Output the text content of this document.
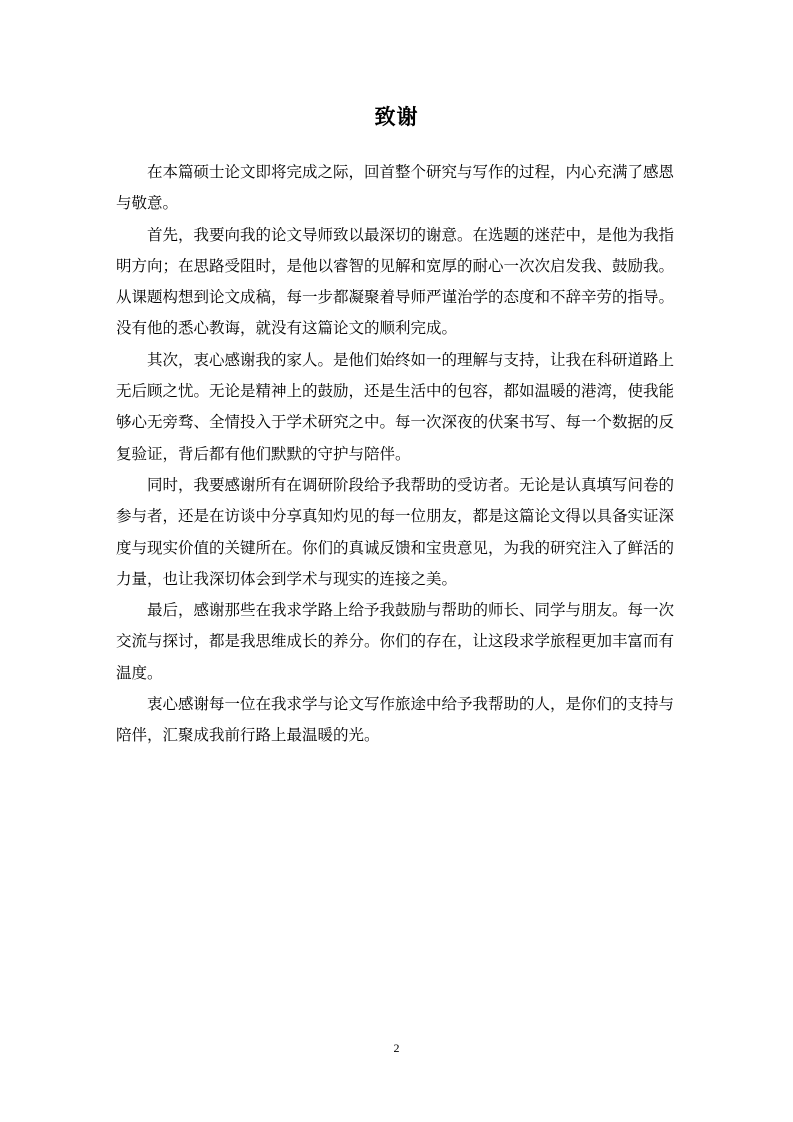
致谢

在本篇硕士论文即将完成之际，回首整个研究与写作的过程，内心充满了感恩与敬意。

首先，我要向我的论文导师致以最深切的谢意。在选题的迷茫中，是他为我指明方向；在思路受阻时，是他以睿智的见解和宽厚的耐心一次次启发我、鼓励我。从课题构想到论文成稿，每一步都凝聚着导师严谨治学的态度和不辞辛劳的指导。没有他的悉心教诲，就没有这篇论文的顺利完成。

其次，衷心感谢我的家人。是他们始终如一的理解与支持，让我在科研道路上无后顾之忧。无论是精神上的鼓励，还是生活中的包容，都如温暖的港湾，使我能够心无旁骛、全情投入于学术研究之中。每一次深夜的伏案书写、每一个数据的反复验证，背后都有他们默默的守护与陪伴。

同时，我要感谢所有在调研阶段给予我帮助的受访者。无论是认真填写问卷的参与者，还是在访谈中分享真知灼见的每一位朋友，都是这篇论文得以具备实证深度与现实价值的关键所在。你们的真诚反馈和宝贵意见，为我的研究注入了鲜活的力量，也让我深切体会到学术与现实的连接之美。

最后，感谢那些在我求学路上给予我鼓励与帮助的师长、同学与朋友。每一次交流与探讨，都是我思维成长的养分。你们的存在，让这段求学旅程更加丰富而有温度。

衷心感谢每一位在我求学与论文写作旅途中给予我帮助的人，是你们的支持与陪伴，汇聚成我前行路上最温暖的光。

2
